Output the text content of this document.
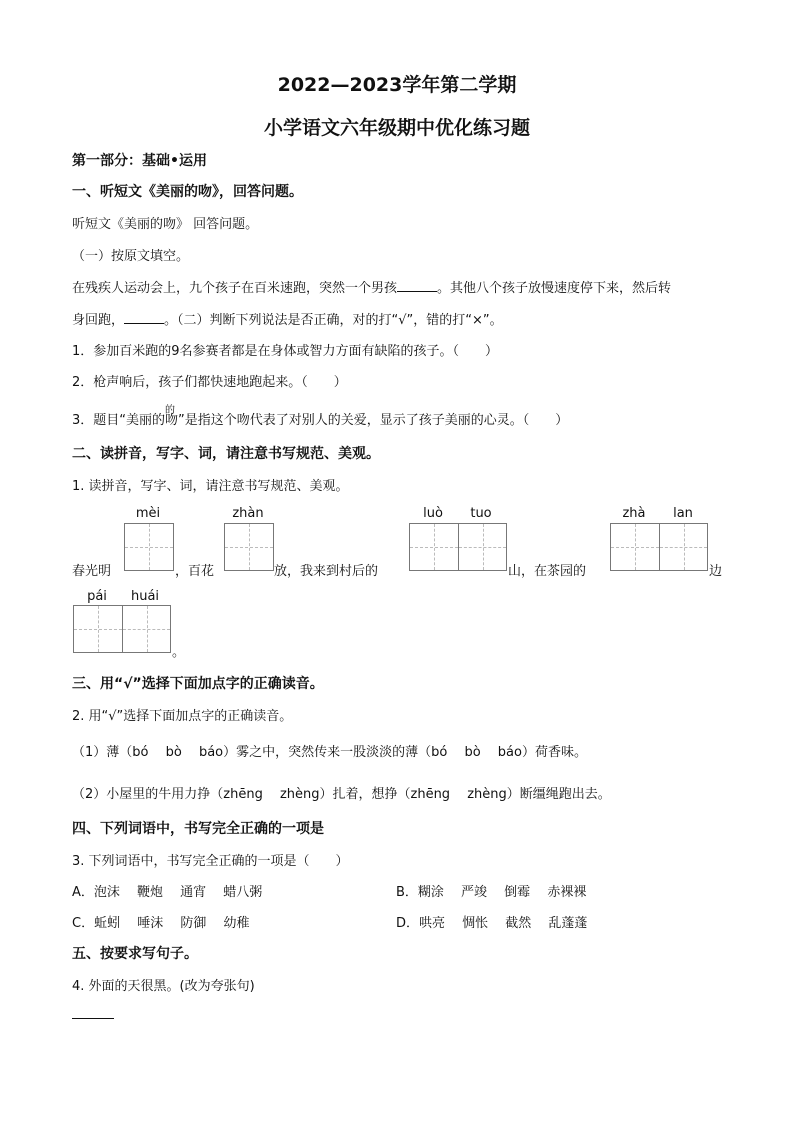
2022—2023学年第二学期
小学语文六年级期中优化练习题
第一部分：基础•运用
一、听短文《美丽的吻》，回答问题。
听短文《美丽的吻》 回答问题。
（一）按原文填空。
在残疾人运动会上，九个孩子在百米速跑，突然一个男孩	。其他八个孩子放慢速度停下来，然后转
身回跑，	。（二）判断下列说法是否正确，对的打“√”，错的打“×”。
1．参加百米跑的9名参赛者都是在身体或智力方面有缺陷的孩子。（　　）
2．枪声响后，孩子们都快速地跑起来。（　　）
3．题目“美丽的吻”是指这个吻代表了对别人的关爱，显示了孩子美丽的心灵。（　　）
的
二、读拼音，写字、词，请注意书写规范、美观。
1. 读拼音，写字、词，请注意书写规范、美观。
mèi	zhàn	luò	tuo	zhà	lan
春光明	，百花	放，我来到村后的	山，在茶园的	边
pái	huái
。
三、用“√”选择下面加点字的正确读音。
2. 用“√”选择下面加点字的正确读音。
（1）薄（bó　 bò　 báo）雾之中，突然传来一股淡淡的薄（bó　 bò　 báo）荷香味。
（2）小屋里的牛用力挣（zhēng　 zhèng）扎着，想挣（zhēng　 zhèng）断缰绳跑出去。
四、下列词语中，书写完全正确的一项是
3. 下列词语中，书写完全正确的一项是（　　）
A．泡沫　 鞭炮　 通宵　 蜡八粥	B．糊涂　 严竣　 倒霉　 赤裸裸
C．蚯蚓　 唾沫　 防御　 幼稚	D．哄亮　 惆怅　 截然　 乱蓬蓬
五、按要求写句子。
4. 外面的天很黑。(改为夸张句)
